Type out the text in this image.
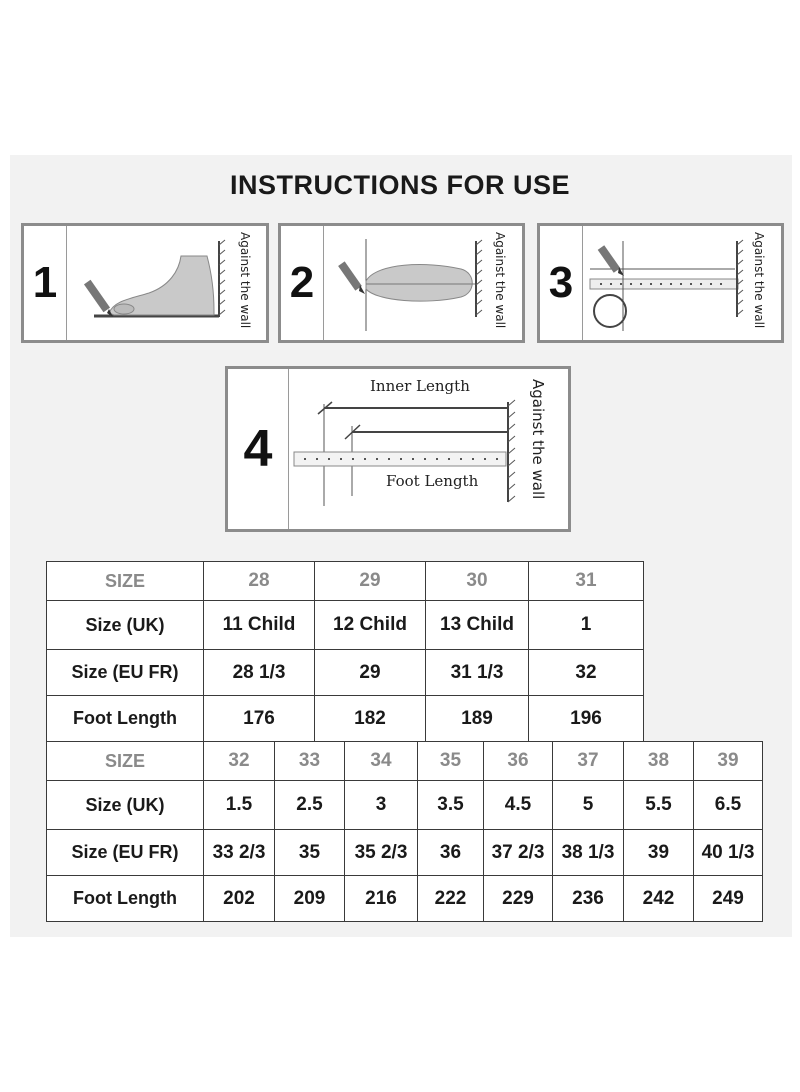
INSTRUCTIONS FOR USE
1	Against the wall 2	Against the wall 3	Against the wall
4
Inner Length
Foot Length	Against the wall
SIZE	28	29	30	31
Size (UK)	11 Child	12 Child	13 Child	1
Size (EU FR)	28 1/3	29	31 1/3	32
Foot Length	176	182	189	196
SIZE	32	33	34	35	36	37	38	39
Size (UK)	1.5	2.5	3	3.5	4.5	5	5.5	6.5
Size (EU FR)	33 2/3	35	35 2/3	36	37 2/3	38 1/3	39	40 1/3
Foot Length	202	209	216	222	229	236	242	249
